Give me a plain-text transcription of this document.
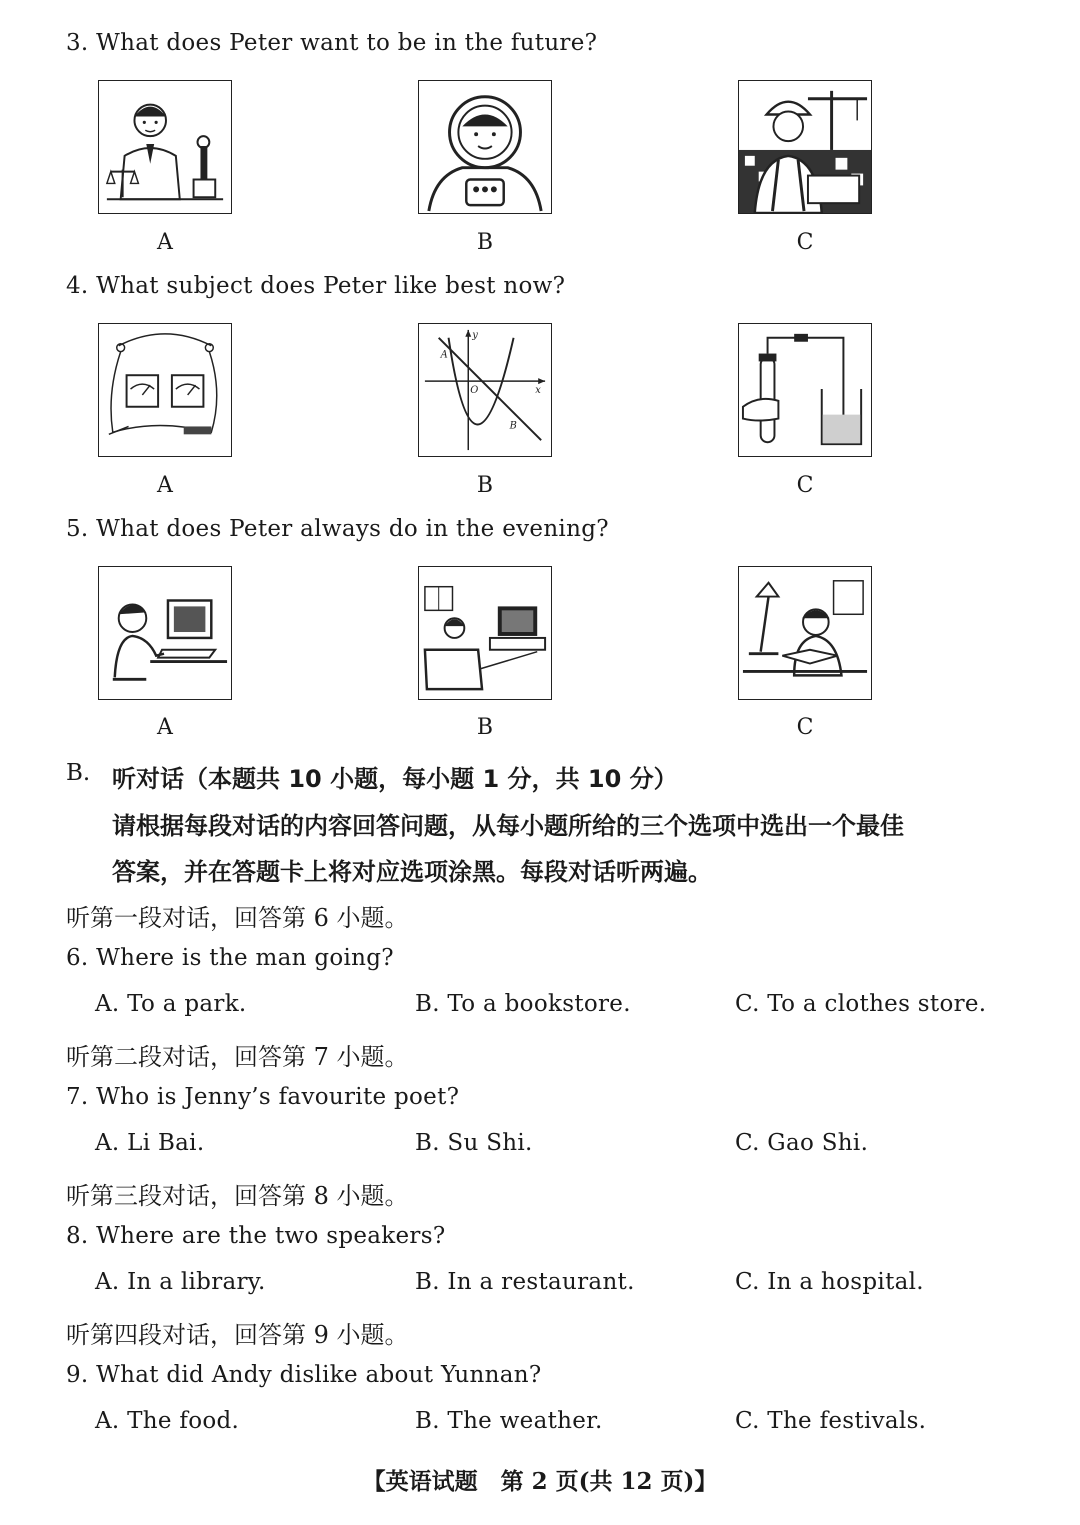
3. What does Peter want to be in the future?
A	B	C
4. What subject does Peter like best now?
A
y
x
O
A
B
B	C
5. What does Peter always do in the evening?
A	B	C
B. 听对话（本题共 10 小题，每小题 1 分，共 10 分）
请根据每段对话的内容回答问题，从每小题所给的三个选项中选出一个最佳
答案，并在答题卡上将对应选项涂黑。每段对话听两遍。
听第一段对话，回答第 6 小题。
6. Where is the man going?
A. To a park.	B. To a bookstore.	C. To a clothes store.
听第二段对话，回答第 7 小题。
7. Who is Jenny’s favourite poet?
A. Li Bai.	B. Su Shi.	C. Gao Shi.
听第三段对话，回答第 8 小题。
8. Where are the two speakers?
A. In a library.	B. In a restaurant.	C. In a hospital.
听第四段对话，回答第 9 小题。
9. What did Andy dislike about Yunnan?
A. The food.	B. The weather.	C. The festivals.
【英语试题　第 2 页(共 12 页)】
